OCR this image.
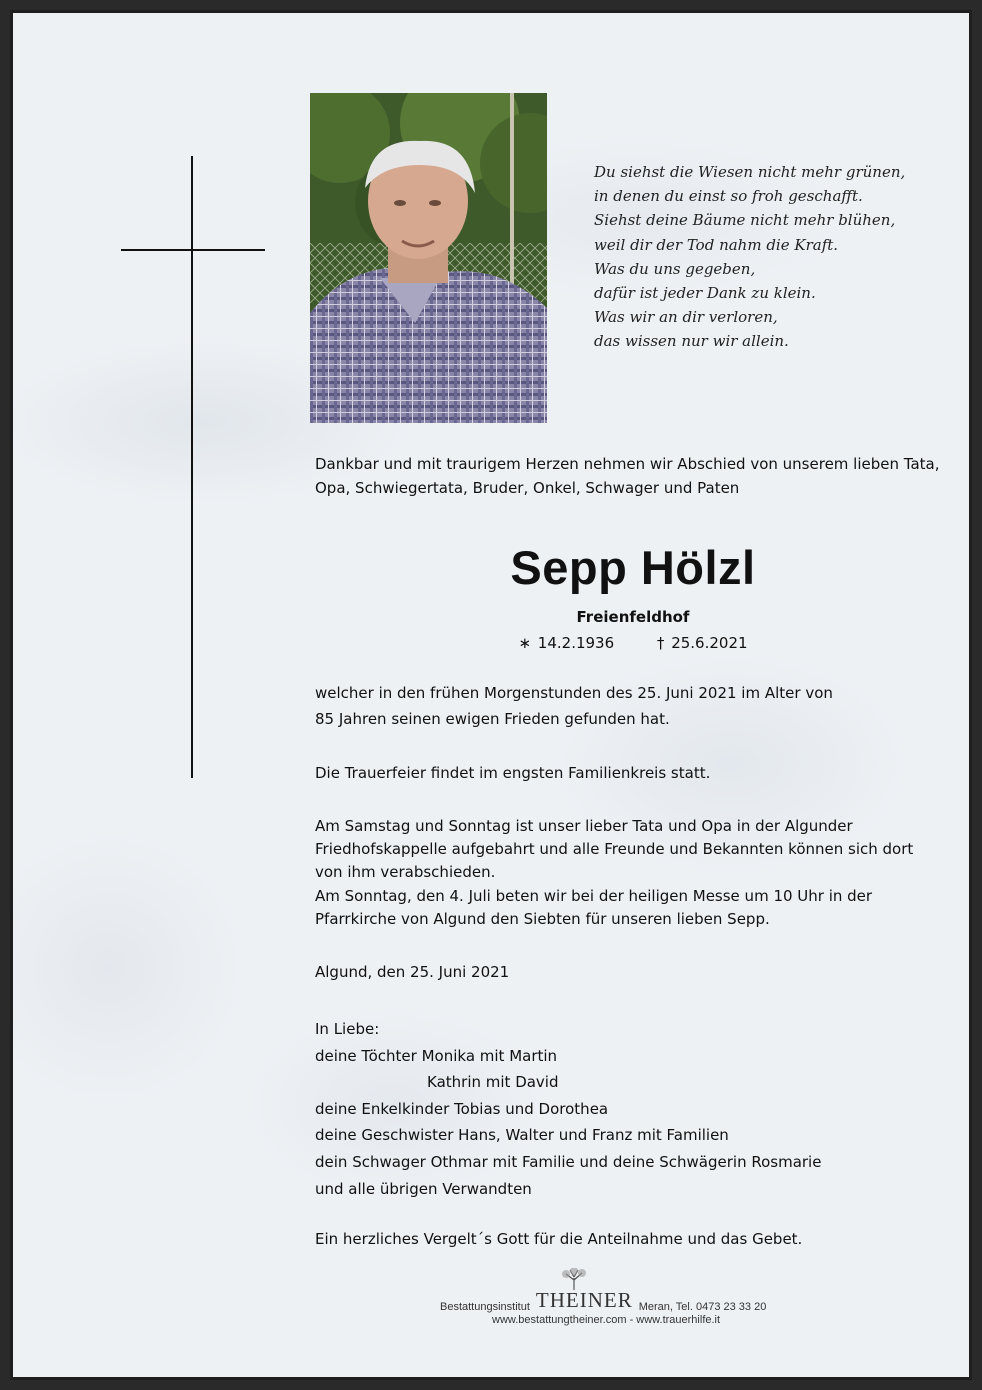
Du siehst die Wiesen nicht mehr grünen,
in denen du einst so froh geschafft.
Siehst deine Bäume nicht mehr blühen,
weil dir der Tod nahm die Kraft.
Was du uns gegeben,
dafür ist jeder Dank zu klein.
Was wir an dir verloren,
das wissen nur wir allein.
Dankbar und mit traurigem Herzen nehmen wir Abschied von unserem lieben Tata,
Opa, Schwiegertata, Bruder, Onkel, Schwager und Paten
Sepp Hölzl
Freienfeldhof
∗ 14.2.1936	† 25.6.2021
welcher in den frühen Morgenstunden des 25. Juni 2021 im Alter von
85 Jahren seinen ewigen Frieden gefunden hat.
Die Trauerfeier findet im engsten Familienkreis statt.
Am Samstag und Sonntag ist unser lieber Tata und Opa in der Algunder
Friedhofskappelle aufgebahrt und alle Freunde und Bekannten können sich dort
von ihm verabschieden.
Am Sonntag, den 4. Juli beten wir bei der heiligen Messe um 10 Uhr in der
Pfarrkirche von Algund den Siebten für unseren lieben Sepp.
Algund, den 25. Juni 2021
In Liebe:
deine Töchter Monika mit Martin
Kathrin mit David
deine Enkelkinder Tobias und Dorothea
deine Geschwister Hans, Walter und Franz mit Familien
dein Schwager Othmar mit Familie und deine Schwägerin Rosmarie
und alle übrigen Verwandten
Ein herzliches Vergelt´s Gott für die Anteilnahme und das Gebet.
Bestattungsinstitut THEINER Meran, Tel. 0473 23 33 20
www.bestattungtheiner.com - www.trauerhilfe.it
